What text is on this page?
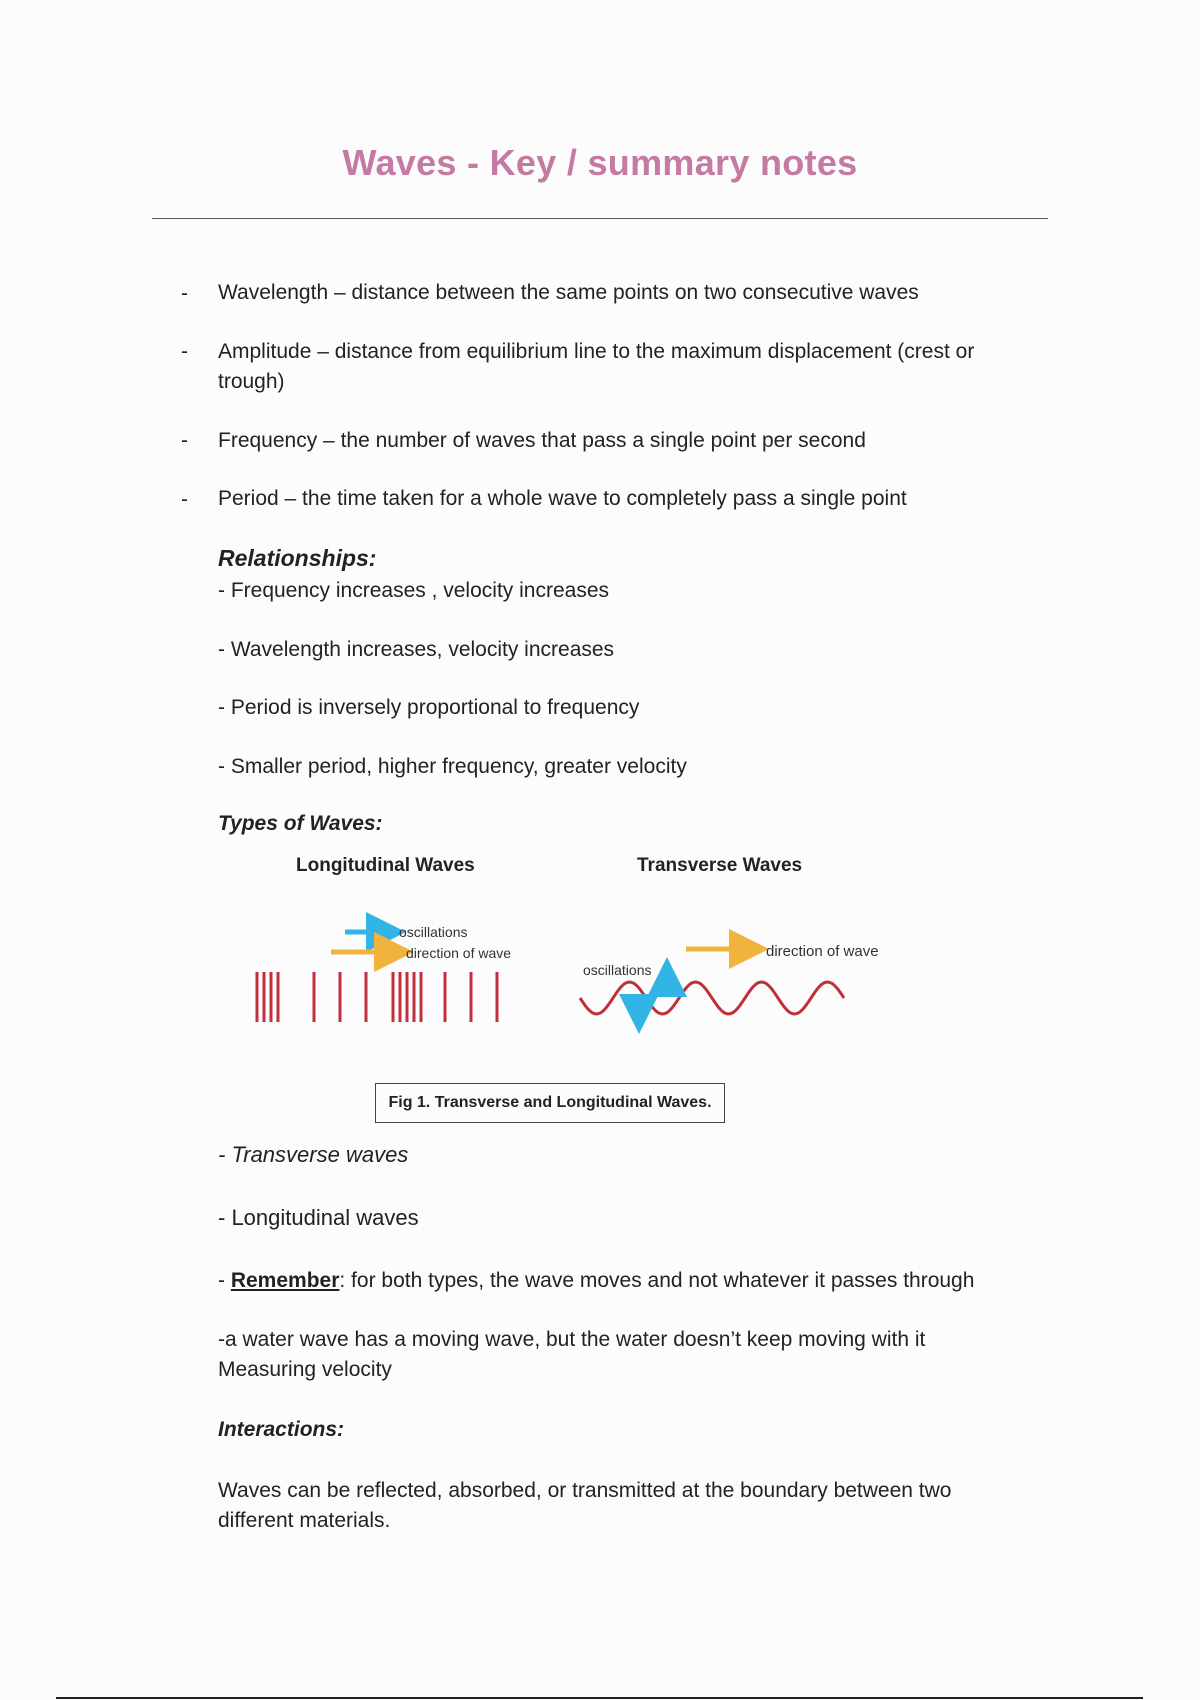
Waves - Key / summary notes
- Wavelength – distance between the same points on two consecutive waves
- Amplitude – distance from equilibrium line to the maximum displacement (crest or trough)
- Frequency – the number of waves that pass a single point per second
- Period – the time taken for a whole wave to completely pass a single point
Relationships:
- Frequency increases , velocity increases
- Wavelength increases, velocity increases
- Period is inversely proportional to frequency
- Smaller period, higher frequency, greater velocity
Types of Waves:
Longitudinal Waves	Transverse Waves
oscillations
direction of wave	direction of wave
oscillations
Fig 1. Transverse and Longitudinal Waves.
- Transverse waves
- Longitudinal waves
- Remember: for both types, the wave moves and not whatever it passes through
-a water wave has a moving wave, but the water doesn’t keep moving with it
Measuring velocity
Interactions:
Waves can be reflected, absorbed, or transmitted at the boundary between two different materials.
